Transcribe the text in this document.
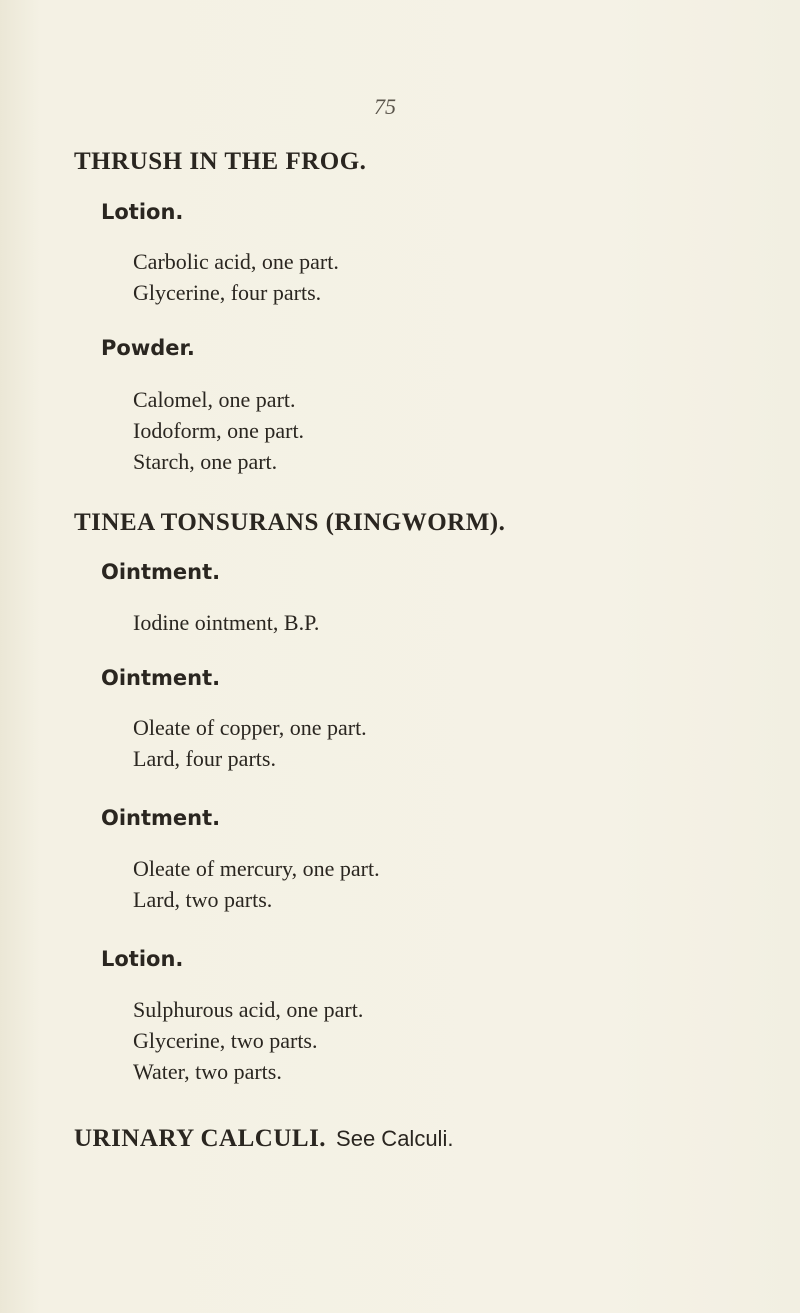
75
THRUSH IN THE FROG.
Lotion.
Carbolic acid, one part.
Glycerine, four parts.
Powder.
Calomel, one part.
Iodoform, one part.
Starch, one part.
TINEA TONSURANS (RINGWORM).
Ointment.
Iodine ointment, B.P.
Ointment.
Oleate of copper, one part.
Lard, four parts.
Ointment.
Oleate of mercury, one part.
Lard, two parts.
Lotion.
Sulphurous acid, one part.
Glycerine, two parts.
Water, two parts.
URINARY CALCULI. See Calculi.
